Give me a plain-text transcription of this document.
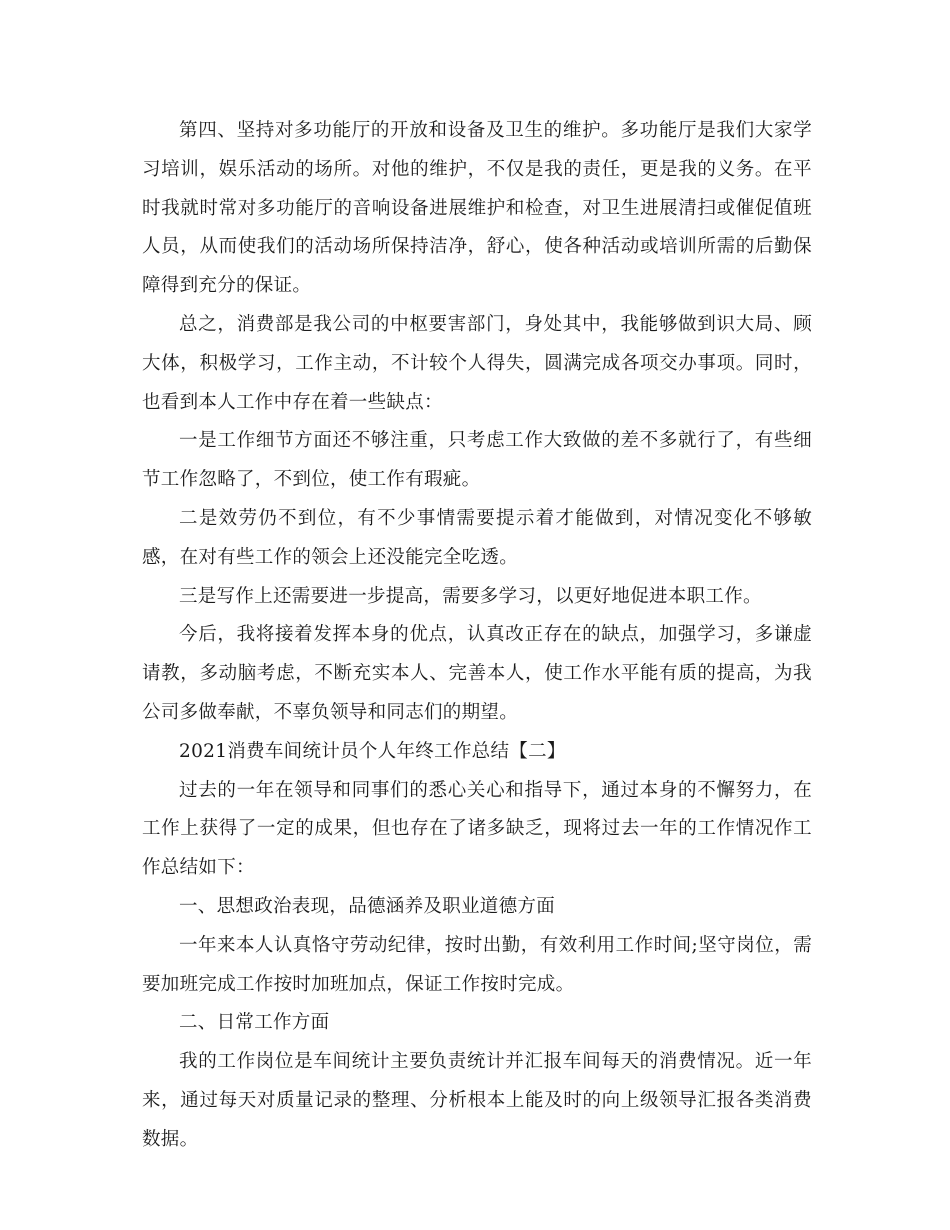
第四、坚持对多功能厅的开放和设备及卫生的维护。多功能厅是我们大家学习培训，娱乐活动的场所。对他的维护，不仅是我的责任，更是我的义务。在平时我就时常对多功能厅的音响设备进展维护和检查，对卫生进展清扫或催促值班人员，从而使我们的活动场所保持洁净，舒心，使各种活动或培训所需的后勤保障得到充分的保证。

总之，消费部是我公司的中枢要害部门，身处其中，我能够做到识大局、顾大体，积极学习，工作主动，不计较个人得失，圆满完成各项交办事项。同时，也看到本人工作中存在着一些缺点：

一是工作细节方面还不够注重，只考虑工作大致做的差不多就行了，有些细节工作忽略了，不到位，使工作有瑕疵。

二是效劳仍不到位，有不少事情需要提示着才能做到，对情况变化不够敏感，在对有些工作的领会上还没能完全吃透。

三是写作上还需要进一步提高，需要多学习，以更好地促进本职工作。

今后，我将接着发挥本身的优点，认真改正存在的缺点，加强学习，多谦虚请教，多动脑考虑，不断充实本人、完善本人，使工作水平能有质的提高，为我公司多做奉献，不辜负领导和同志们的期望。

2021消费车间统计员个人年终工作总结【二】

过去的一年在领导和同事们的悉心关心和指导下，通过本身的不懈努力，在工作上获得了一定的成果，但也存在了诸多缺乏，现将过去一年的工作情况作工作总结如下：

一、思想政治表现，品德涵养及职业道德方面

一年来本人认真恪守劳动纪律，按时出勤，有效利用工作时间;坚守岗位，需要加班完成工作按时加班加点，保证工作按时完成。

二、日常工作方面

我的工作岗位是车间统计主要负责统计并汇报车间每天的消费情况。近一年来，通过每天对质量记录的整理、分析根本上能及时的向上级领导汇报各类消费数据。
